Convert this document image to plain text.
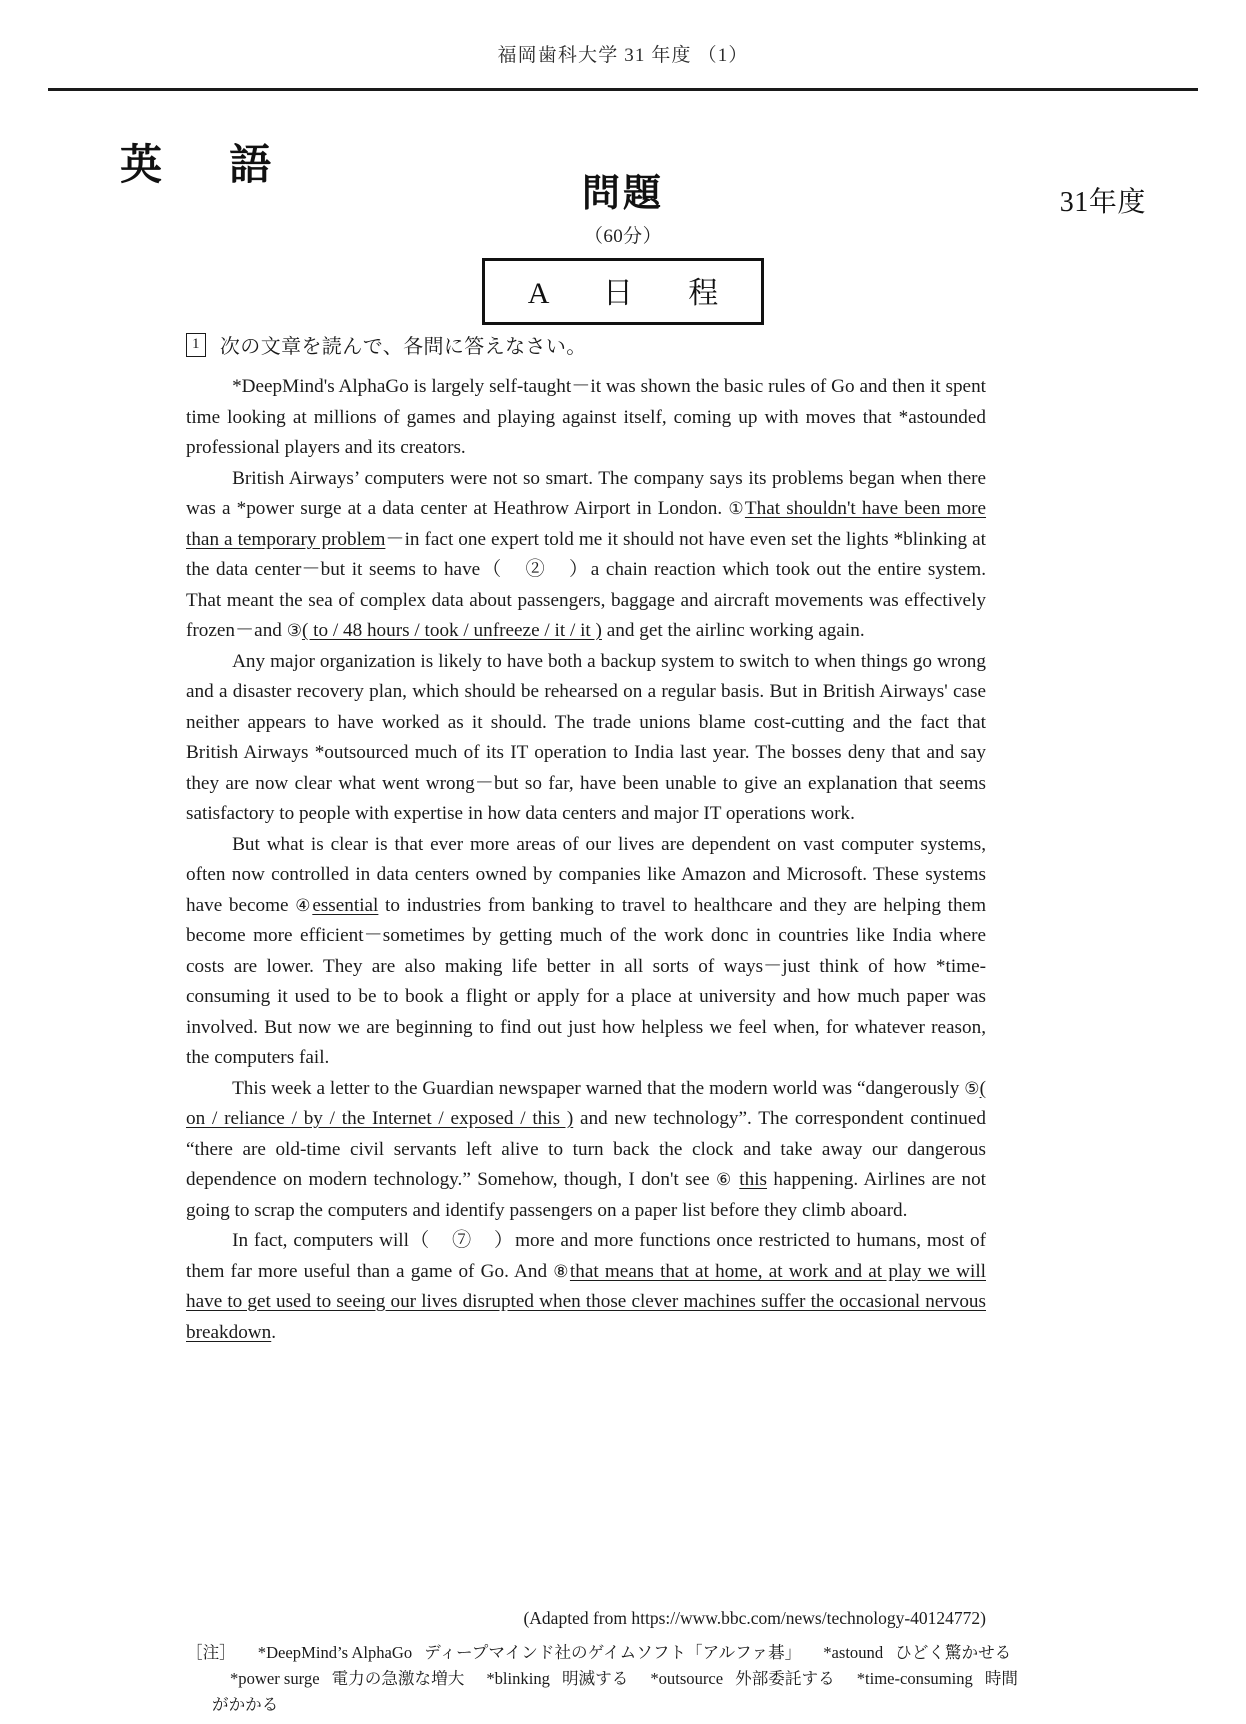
福岡歯科大学 31 年度 （1）
英　語
問題
（60分）
A　日　程
31年度
1	次の文章を読んで、各問に答えなさい。

*DeepMind's AlphaGo is largely self-taught－it was shown the basic rules of Go and then it spent time looking at millions of games and playing against itself, coming up with moves that *astounded professional players and its creators.

British Airways’ computers were not so smart. The company says its problems began when there was a *power surge at a data center at Heathrow Airport in London. ①That shouldn't have been more than a temporary problem－in fact one expert told me it should not have even set the lights *blinking at the data center－but it seems to have（　②　）a chain reaction which took out the entire system. That meant the sea of complex data about passengers, baggage and aircraft movements was effectively frozen－and ③( to / 48 hours / took / unfreeze / it / it ) and get the airlinc working again.

Any major organization is likely to have both a backup system to switch to when things go wrong and a disaster recovery plan, which should be rehearsed on a regular basis. But in British Airways' case neither appears to have worked as it should. The trade unions blame cost-cutting and the fact that British Airways *outsourced much of its IT operation to India last year. The bosses deny that and say they are now clear what went wrong－but so far, have been unable to give an explanation that seems satisfactory to people with expertise in how data centers and major IT operations work.

But what is clear is that ever more areas of our lives are dependent on vast computer systems, often now controlled in data centers owned by companies like Amazon and Microsoft. These systems have become ④essential to industries from banking to travel to healthcare and they are helping them become more efficient－sometimes by getting much of the work donc in countries like India where costs are lower. They are also making life better in all sorts of ways－just think of how *time-consuming it used to be to book a flight or apply for a place at university and how much paper was involved. But now we are beginning to find out just how helpless we feel when, for whatever reason, the computers fail.

This week a letter to the Guardian newspaper warned that the modern world was “dangerously ⑤( on / reliance / by / the Internet / exposed / this ) and new technology”. The correspondent continued “there are old-time civil servants left alive to turn back the clock and take away our dangerous dependence on modern technology.” Somehow, though, I don't see ⑥ this happening. Airlines are not going to scrap the computers and identify passengers on a paper list before they climb aboard.

In fact, computers will（　⑦　）more and more functions once restricted to humans, most of them far more useful than a game of Go. And ⑧that means that at home, at work and at play we will have to get used to seeing our lives disrupted when those clever machines suffer the occasional nervous breakdown.

(Adapted from https://www.bbc.com/news/technology-40124772)
［注］ *DeepMind’s AlphaGo ディープマインド社のゲイムソフト「アルファ碁」 *astound ひどく驚かせる
*power surge 電力の急激な増大 *blinking 明滅する *outsource 外部委託する *time-consuming 時間
がかかる
